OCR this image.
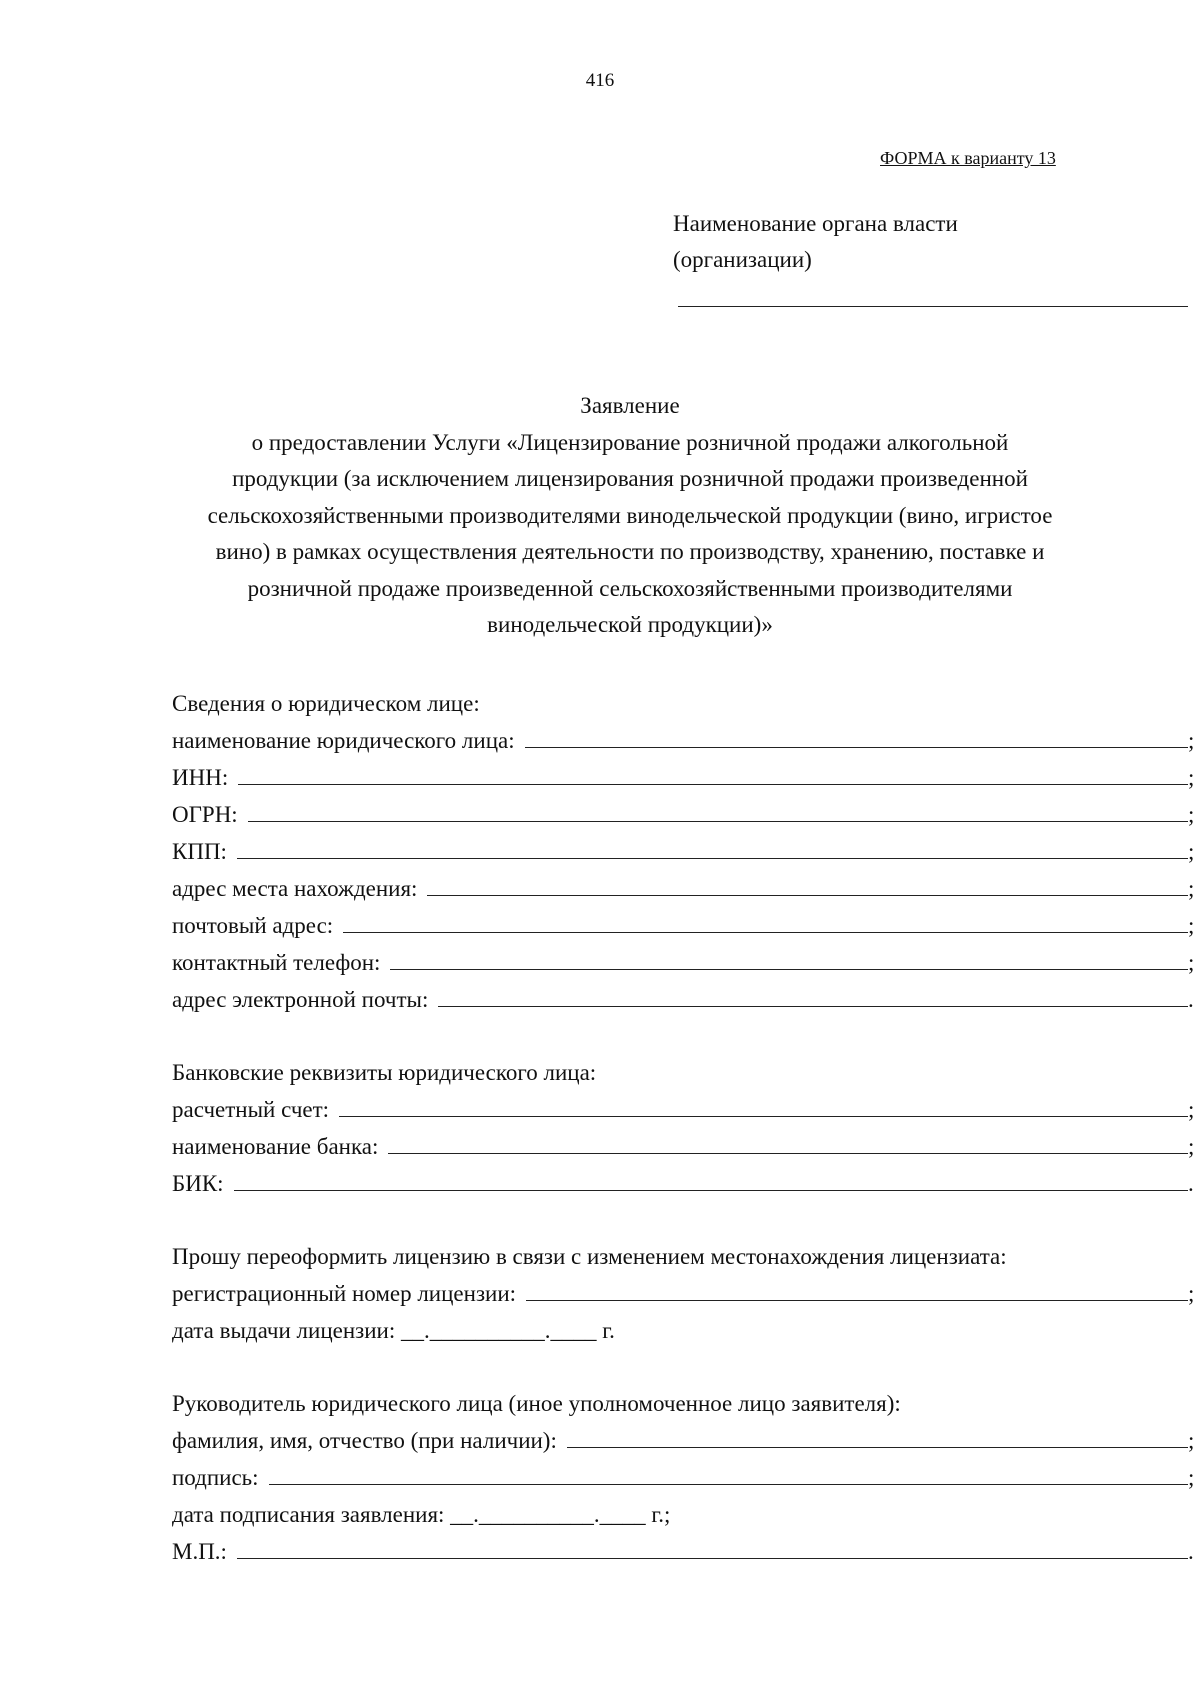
416
ФОРМА к варианту 13
Наименование органа власти
(организации)

Заявление

о предоставлении Услуги «Лицензирование розничной продажи алкогольной

продукции (за исключением лицензирования розничной продажи произведенной

сельскохозяйственными производителями винодельческой продукции (вино, игристое

вино) в рамках осуществления деятельности по производству, хранению, поставке и

розничной продаже произведенной сельскохозяйственными производителями

винодельческой продукции)»

Сведения о юридическом лице:
наименование юридического лица:	;
ИНН:	;
ОГРН:	;
КПП:	;
адрес места нахождения:	;
почтовый адрес:	;
контактный телефон:	;
адрес электронной почты:	.
Банковские реквизиты юридического лица:
расчетный счет:	;
наименование банка:	;
БИК:	.
Прошу переоформить лицензию в связи с изменением местонахождения лицензиата:
регистрационный номер лицензии:	;
дата выдачи лицензии: __.__________.____ г.
Руководитель юридического лица (иное уполномоченное лицо заявителя):
фамилия, имя, отчество (при наличии):	;
подпись:	;
дата подписания заявления: __.__________.____ г.;
М.П.:	.
